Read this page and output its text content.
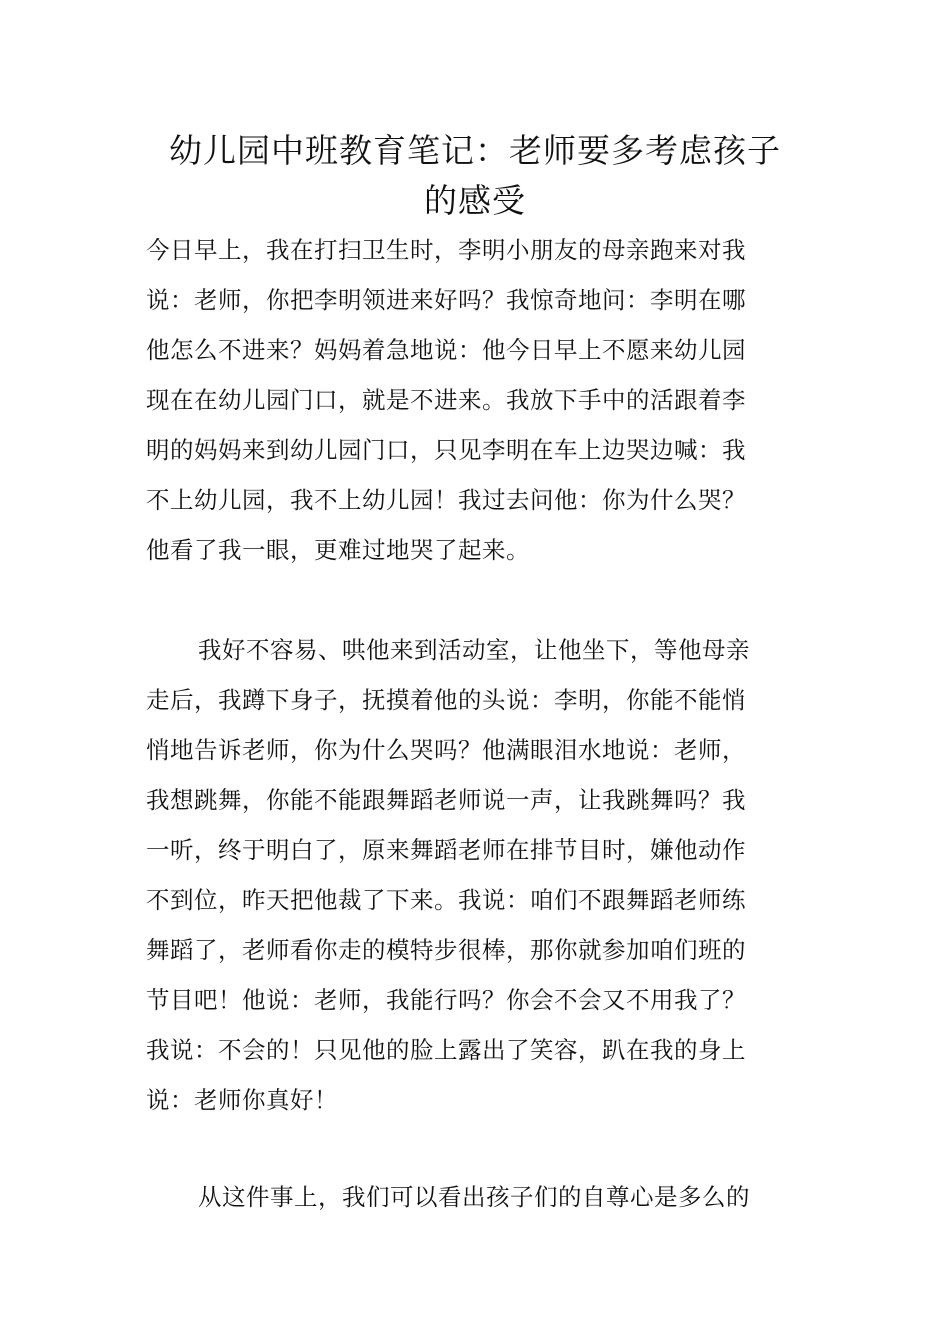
幼儿园中班教育笔记：老师要多考虑孩子
的感受
今日早上，我在打扫卫生时，李明小朋友的母亲跑来对我
说：老师，你把李明领进来好吗？我惊奇地问：李明在哪
他怎么不进来？妈妈着急地说：他今日早上不愿来幼儿园
现在在幼儿园门口，就是不进来。我放下手中的活跟着李
明的妈妈来到幼儿园门口，只见李明在车上边哭边喊：我
不上幼儿园，我不上幼儿园！我过去问他：你为什么哭？
他看了我一眼，更难过地哭了起来。
我好不容易、哄他来到活动室，让他坐下，等他母亲
走后，我蹲下身子，抚摸着他的头说：李明，你能不能悄
悄地告诉老师，你为什么哭吗？他满眼泪水地说：老师，
我想跳舞，你能不能跟舞蹈老师说一声，让我跳舞吗？我
一听，终于明白了，原来舞蹈老师在排节目时，嫌他动作
不到位，昨天把他裁了下来。我说：咱们不跟舞蹈老师练
舞蹈了，老师看你走的模特步很棒，那你就参加咱们班的
节目吧！他说：老师，我能行吗？你会不会又不用我了？
我说：不会的！只见他的脸上露出了笑容，趴在我的身上
说：老师你真好！
从这件事上，我们可以看出孩子们的自尊心是多么的
